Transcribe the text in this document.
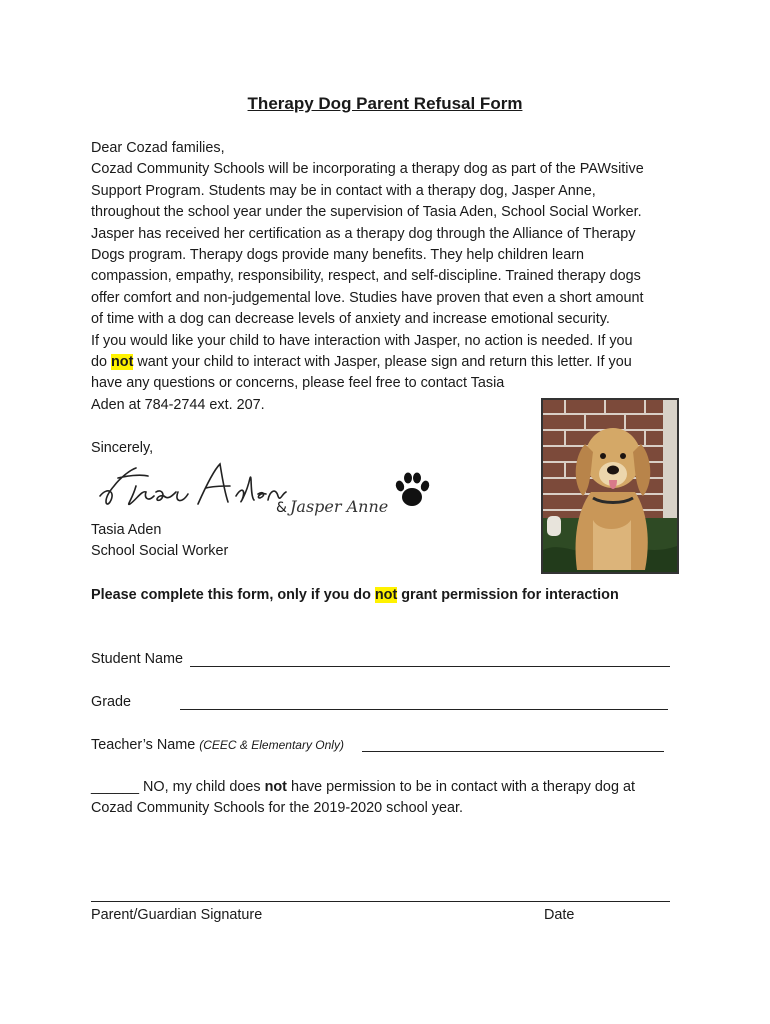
Therapy Dog Parent Refusal Form
Dear Cozad families,
Cozad Community Schools will be incorporating a therapy dog as part of the PAWsitive
Support Program. Students may be in contact with a therapy dog, Jasper Anne,
throughout the school year under the supervision of Tasia Aden, School Social Worker.
Jasper has received her certification as a therapy dog through the Alliance of Therapy
Dogs program. Therapy dogs provide many benefits. They help children learn
compassion, empathy, responsibility, respect, and self-discipline. Trained therapy dogs
offer comfort and non-judgemental love. Studies have proven that even a short amount
of time with a dog can decrease levels of anxiety and increase emotional security.
If you would like your child to have interaction with Jasper, no action is needed. If you
do not want your child to interact with Jasper, please sign and return this letter. If you
have any questions or concerns, please feel free to contact Tasia
Aden at 784-2744 ext. 207.
Sincerely,
& Jasper Anne
Tasia Aden
School Social Worker
Please complete this form, only if you do not grant permission for interaction
Student Name
Grade
Teacher’s Name (CEEC & Elementary Only)
______ NO, my child does not have permission to be in contact with a therapy dog at
Cozad Community Schools for the 2019-2020 school year.
Parent/Guardian Signature	Date
